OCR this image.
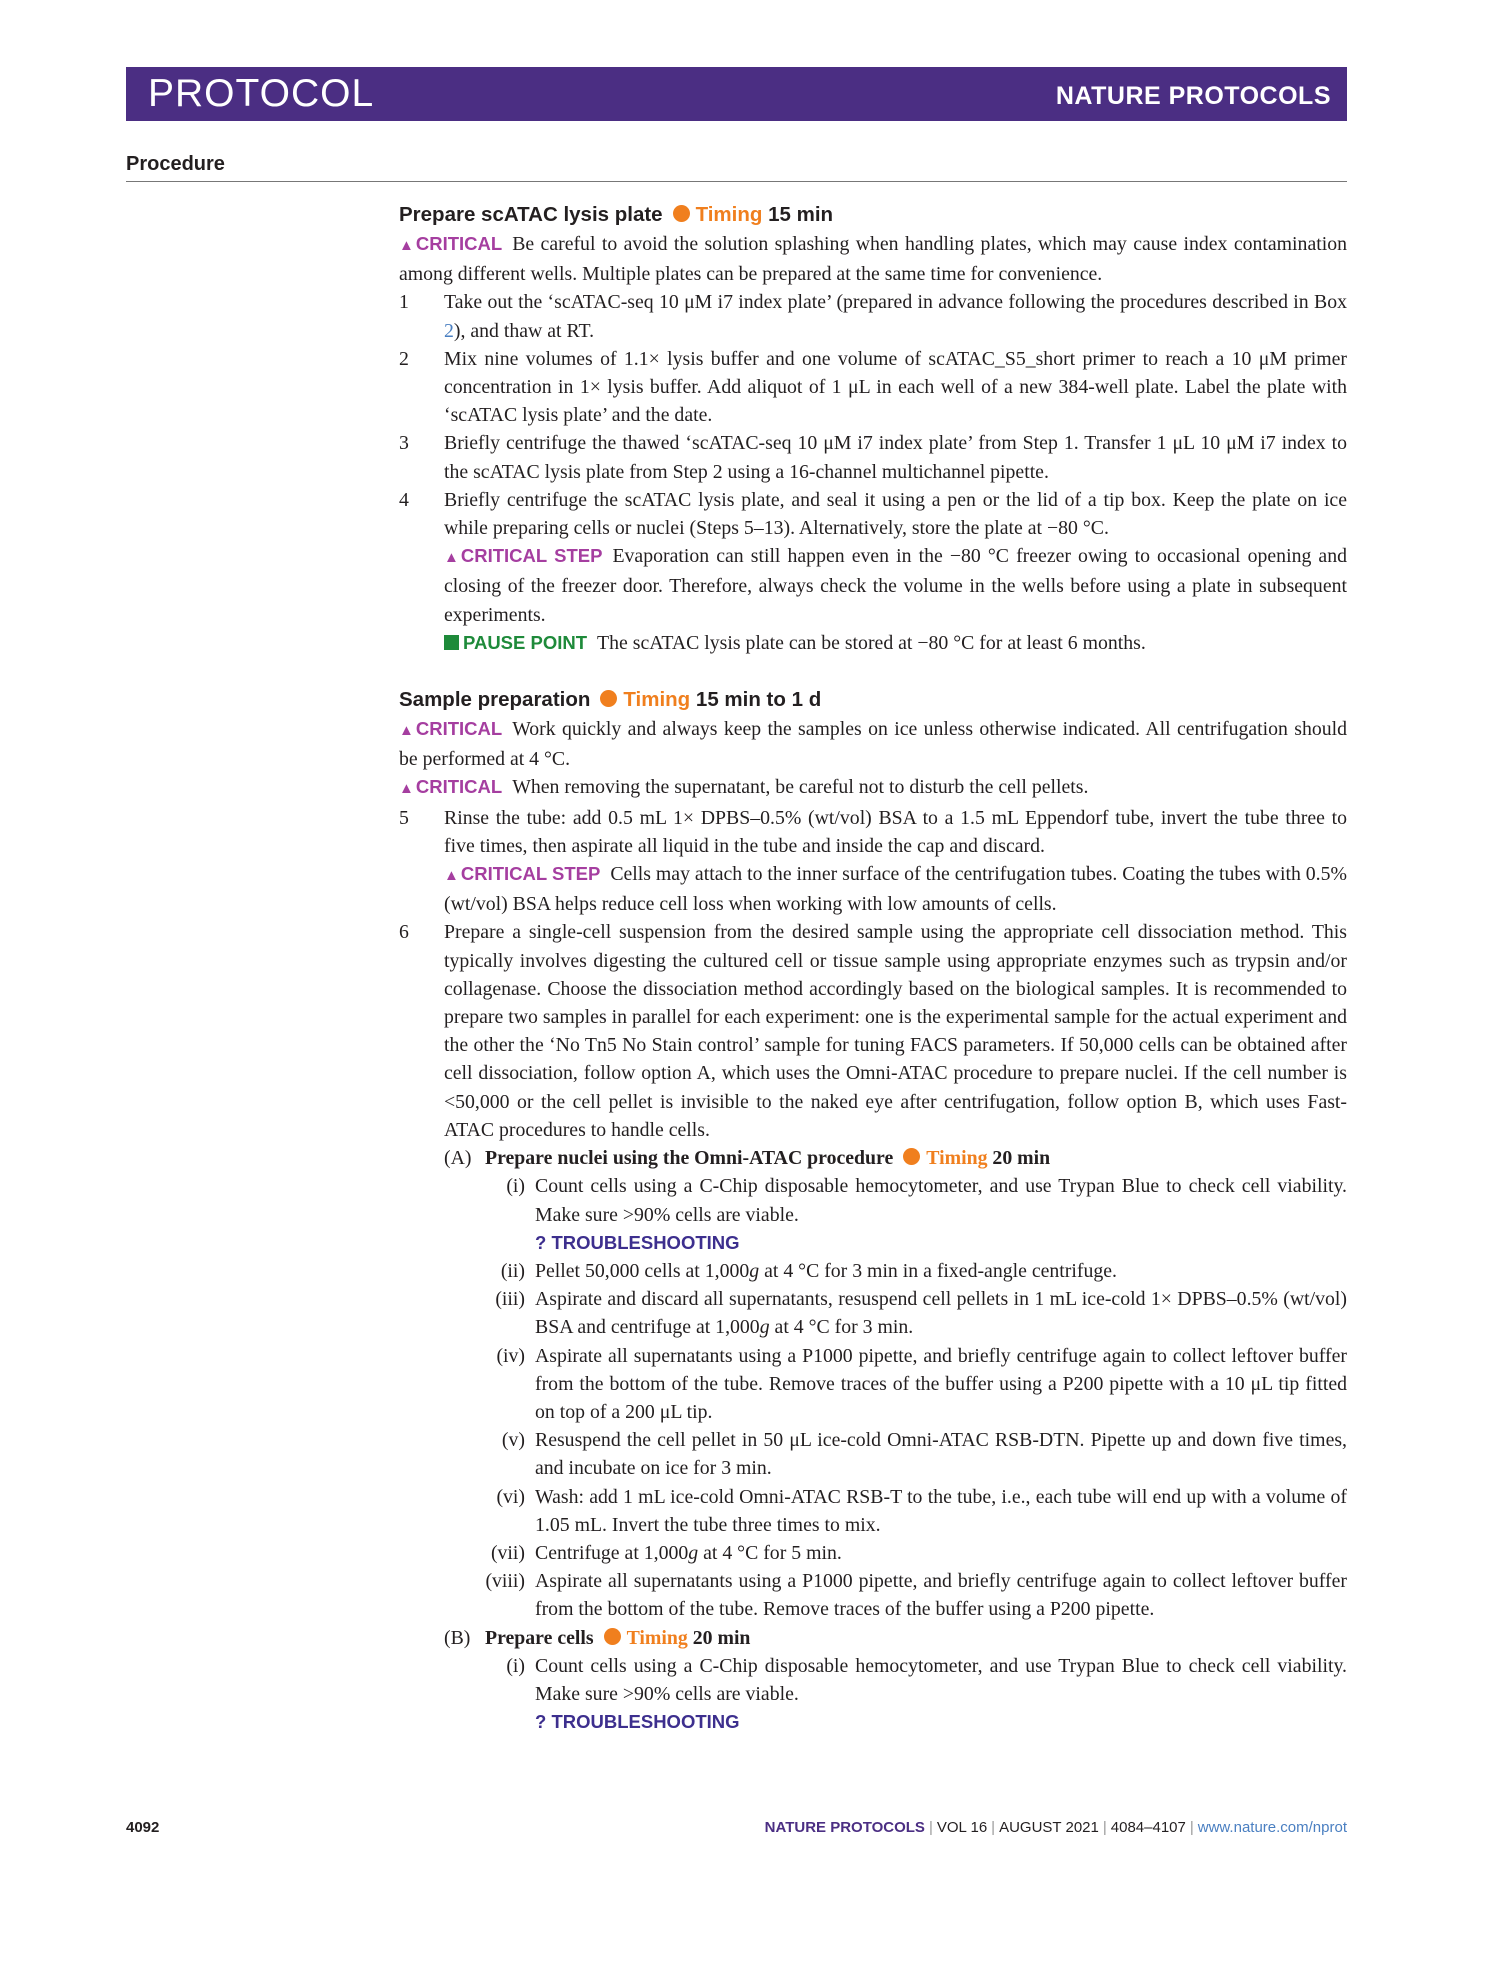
PROTOCOL	NATURE PROTOCOLS
Procedure
Prepare scATAC lysis plate Timing 15 min

▲ CRITICAL Be careful to avoid the solution splashing when handling plates, which may cause index contamination among different wells. Multiple plates can be prepared at the same time for convenience.

1	Take out the ‘scATAC-seq 10 μM i7 index plate’ (prepared in advance following the procedures described in Box 2), and thaw at RT.
2	Mix nine volumes of 1.1× lysis buffer and one volume of scATAC_S5_short primer to reach a 10 μM primer concentration in 1× lysis buffer. Add aliquot of 1 μL in each well of a new 384-well plate. Label the plate with ‘scATAC lysis plate’ and the date.
3	Briefly centrifuge the thawed ‘scATAC-seq 10 μM i7 index plate’ from Step 1. Transfer 1 μL 10 μM i7 index to the scATAC lysis plate from Step 2 using a 16-channel multichannel pipette.
4	Briefly centrifuge the scATAC lysis plate, and seal it using a pen or the lid of a tip box. Keep the plate on ice while preparing cells or nuclei (Steps 5–13). Alternatively, store the plate at −80 °C.
▲ CRITICAL STEP Evaporation can still happen even in the −80 °C freezer owing to occasional opening and closing of the freezer door. Therefore, always check the volume in the wells before using a plate in subsequent experiments.
PAUSE POINT The scATAC lysis plate can be stored at −80 °C for at least 6 months.
Sample preparation Timing 15 min to 1 d

▲ CRITICAL Work quickly and always keep the samples on ice unless otherwise indicated. All centrifugation should be performed at 4 °C.

▲ CRITICAL When removing the supernatant, be careful not to disturb the cell pellets.

5	Rinse the tube: add 0.5 mL 1× DPBS–0.5% (wt/vol) BSA to a 1.5 mL Eppendorf tube, invert the tube three to five times, then aspirate all liquid in the tube and inside the cap and discard.
▲ CRITICAL STEP Cells may attach to the inner surface of the centrifugation tubes. Coating the tubes with 0.5% (wt/vol) BSA helps reduce cell loss when working with low amounts of cells.
6	Prepare a single-cell suspension from the desired sample using the appropriate cell dissociation method. This typically involves digesting the cultured cell or tissue sample using appropriate enzymes such as trypsin and/or collagenase. Choose the dissociation method accordingly based on the biological samples. It is recommended to prepare two samples in parallel for each experiment: one is the experimental sample for the actual experiment and the other the ‘No Tn5 No Stain control’ sample for tuning FACS parameters. If 50,000 cells can be obtained after cell dissociation, follow option A, which uses the Omni-ATAC procedure to prepare nuclei. If the cell number is <50,000 or the cell pellet is invisible to the naked eye after centrifugation, follow option B, which uses Fast-ATAC procedures to handle cells.
(A) Prepare nuclei using the Omni-ATAC procedure Timing 20 min
(i) Count cells using a C-Chip disposable hemocytometer, and use Trypan Blue to check cell viability. Make sure >90% cells are viable.
? TROUBLESHOOTING
(ii) Pellet 50,000 cells at 1,000g at 4 °C for 3 min in a fixed-angle centrifuge.
(iii) Aspirate and discard all supernatants, resuspend cell pellets in 1 mL ice-cold 1× DPBS–0.5% (wt/vol) BSA and centrifuge at 1,000g at 4 °C for 3 min.
(iv) Aspirate all supernatants using a P1000 pipette, and briefly centrifuge again to collect leftover buffer from the bottom of the tube. Remove traces of the buffer using a P200 pipette with a 10 μL tip fitted on top of a 200 μL tip.
(v) Resuspend the cell pellet in 50 μL ice-cold Omni-ATAC RSB-DTN. Pipette up and down five times, and incubate on ice for 3 min.
(vi) Wash: add 1 mL ice-cold Omni-ATAC RSB-T to the tube, i.e., each tube will end up with a volume of 1.05 mL. Invert the tube three times to mix.
(vii) Centrifuge at 1,000g at 4 °C for 5 min.
(viii) Aspirate all supernatants using a P1000 pipette, and briefly centrifuge again to collect leftover buffer from the bottom of the tube. Remove traces of the buffer using a P200 pipette.
(B) Prepare cells Timing 20 min
(i) Count cells using a C-Chip disposable hemocytometer, and use Trypan Blue to check cell viability. Make sure >90% cells are viable.
? TROUBLESHOOTING
4092	NATURE PROTOCOLS | VOL 16 | AUGUST 2021 | 4084–4107 | www.nature.com/nprot
